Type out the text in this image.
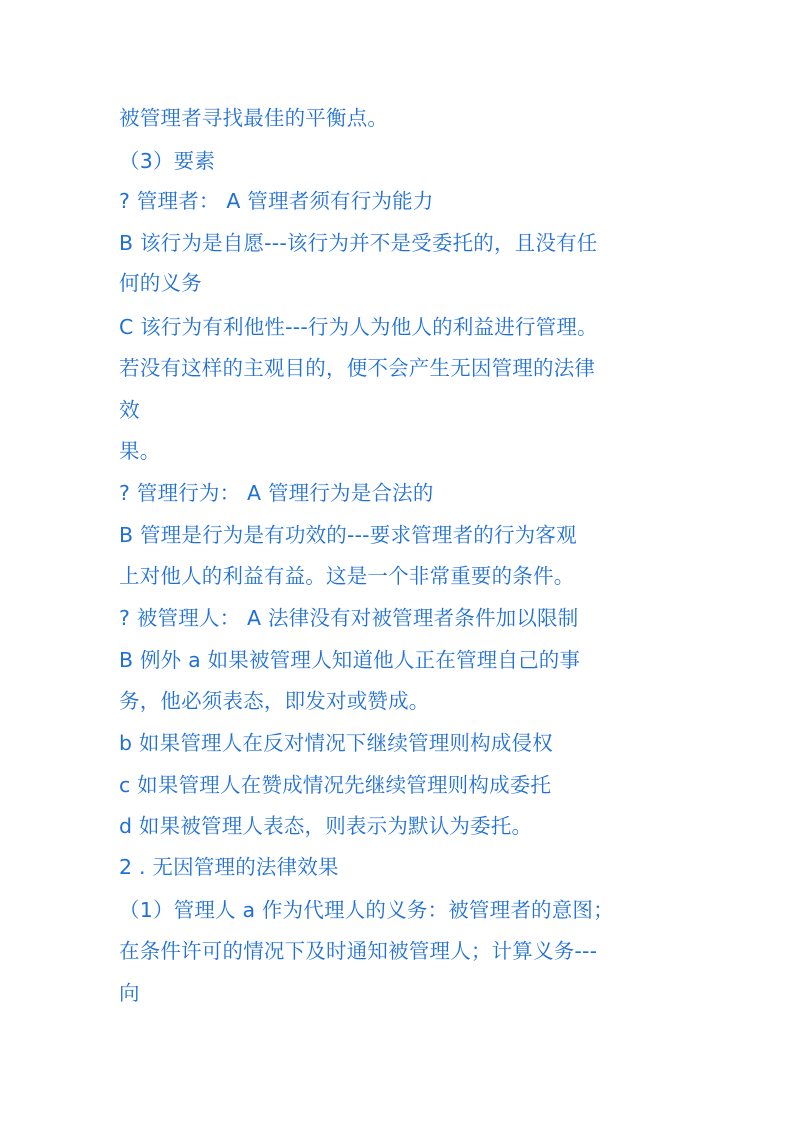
被管理者寻找最佳的平衡点。
（3）要素
? 管理者： A 管理者须有行为能力
B 该行为是自愿---该行为并不是受委托的，且没有任
何的义务
C 该行为有利他性---行为人为他人的利益进行管理。
若没有这样的主观目的，便不会产生无因管理的法律
效
果。
? 管理行为： A 管理行为是合法的
B 管理是行为是有功效的---要求管理者的行为客观
上对他人的利益有益。这是一个非常重要的条件。
? 被管理人： A 法律没有对被管理者条件加以限制
B 例外 a 如果被管理人知道他人正在管理自己的事
务，他必须表态，即发对或赞成。
b 如果管理人在反对情况下继续管理则构成侵权
c 如果管理人在赞成情况先继续管理则构成委托
d 如果被管理人表态，则表示为默认为委托。
2 . 无因管理的法律效果
（1）管理人 a 作为代理人的义务：被管理者的意图；
在条件许可的情况下及时通知被管理人；计算义务---
向
